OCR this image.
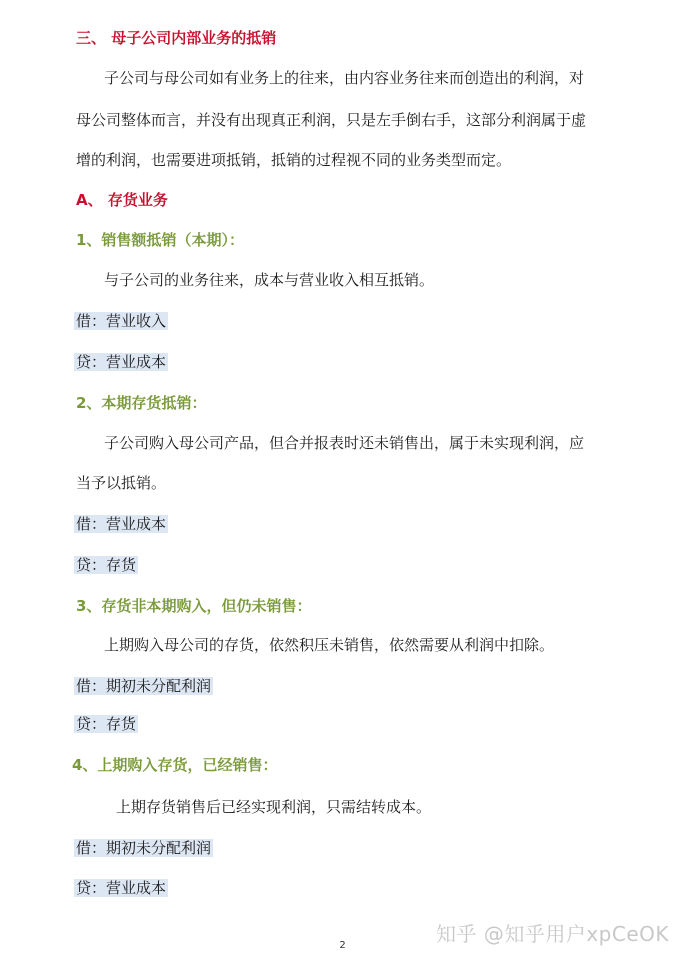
三、 母子公司内部业务的抵销
子公司与母公司如有业务上的往来，由内容业务往来而创造出的利润，对
母公司整体而言，并没有出现真正利润，只是左手倒右手，这部分利润属于虚
增的利润，也需要进项抵销，抵销的过程视不同的业务类型而定。
A、 存货业务
1、销售额抵销（本期）：
与子公司的业务往来，成本与营业收入相互抵销。
借：营业收入
贷：营业成本
2、本期存货抵销：
子公司购入母公司产品，但合并报表时还未销售出，属于未实现利润，应
当予以抵销。
借：营业成本
贷：存货
3、存货非本期购入，但仍未销售：
上期购入母公司的存货，依然积压未销售，依然需要从利润中扣除。
借：期初未分配利润
贷：存货
4、上期购入存货，已经销售：
上期存货销售后已经实现利润，只需结转成本。
借：期初未分配利润
贷：营业成本
知乎 @知乎用户xpCeOK
2
